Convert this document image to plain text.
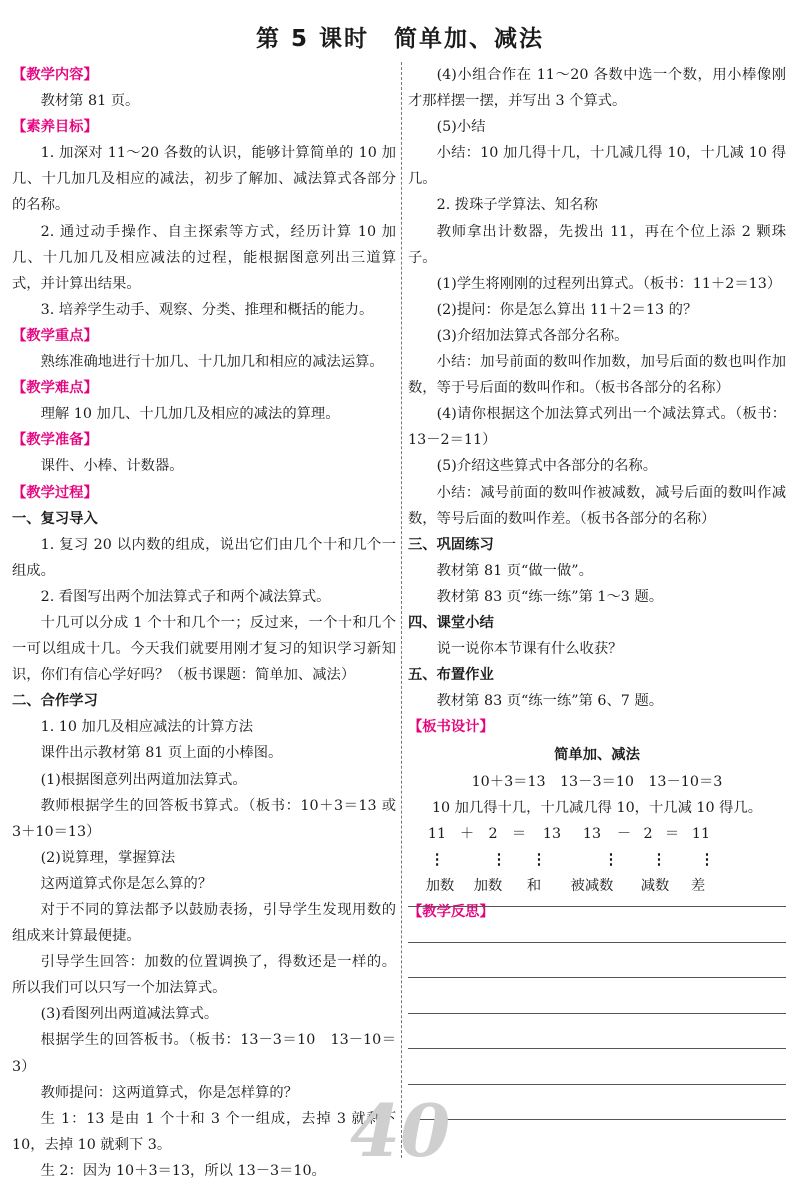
第 5 课时　简单加、减法

【教学内容】

教材第 81 页。

【素养目标】

1. 加深对 11～20 各数的认识，能够计算简单的 10 加几、十几加几及相应的减法，初步了解加、减法算式各部分的名称。

2. 通过动手操作、自主探索等方式，经历计算 10 加几、十几加几及相应减法的过程，能根据图意列出三道算式，并计算出结果。

3. 培养学生动手、观察、分类、推理和概括的能力。

【教学重点】

熟练准确地进行十加几、十几加几和相应的减法运算。

【教学难点】

理解 10 加几、十几加几及相应的减法的算理。

【教学准备】

课件、小棒、计数器。

【教学过程】

一、复习导入

1. 复习 20 以内数的组成，说出它们由几个十和几个一组成。

2. 看图写出两个加法算式子和两个减法算式。

十几可以分成 1 个十和几个一；反过来，一个十和几个一可以组成十几。今天我们就要用刚才复习的知识学习新知识，你们有信心学好吗？（板书课题：简单加、减法）

二、合作学习

1. 10 加几及相应减法的计算方法

课件出示教材第 81 页上面的小棒图。

(1)根据图意列出两道加法算式。

教师根据学生的回答板书算式。（板书：10＋3＝13 或 3＋10＝13）

(2)说算理，掌握算法

这两道算式你是怎么算的？

对于不同的算法都予以鼓励表扬，引导学生发现用数的组成来计算最便捷。

引导学生回答：加数的位置调换了，得数还是一样的。所以我们可以只写一个加法算式。

(3)看图列出两道减法算式。

根据学生的回答板书。（板书：13－3＝10　13－10＝3）

教师提问：这两道算式，你是怎样算的？

生 1：13 是由 1 个十和 3 个一组成，去掉 3 就剩下 10，去掉 10 就剩下 3。

生 2：因为 10＋3＝13，所以 13－3＝10。

(4)小组合作在 11～20 各数中选一个数，用小棒像刚才那样摆一摆，并写出 3 个算式。

(5)小结

小结：10 加几得十几，十几减几得 10，十几减 10 得几。

2. 拨珠子学算法、知名称

教师拿出计数器，先拨出 11，再在个位上添 2 颗珠子。

(1)学生将刚刚的过程列出算式。（板书：11＋2＝13）

(2)提问：你是怎么算出 11＋2＝13 的？

(3)介绍加法算式各部分名称。

小结：加号前面的数叫作加数，加号后面的数也叫作加数，等于号后面的数叫作和。（板书各部分的名称）

(4)请你根据这个加法算式列出一个减法算式。（板书：13－2＝11）

(5)介绍这些算式中各部分的名称。

小结：减号前面的数叫作被减数，减号后面的数叫作减数，等号后面的数叫作差。（板书各部分的名称）

三、巩固练习

教材第 81 页“做一做”。

教材第 83 页“练一练”第 1～3 题。

四、课堂小结

说一说你本节课有什么收获？

五、布置作业

教材第 83 页“练一练”第 6、7 题。

【板书设计】

简单加、减法

10＋3＝13　13－3＝10　13－10＝3

10 加几得十几，十几减几得 10，十几减 10 得几。

11 ＋ 2 ＝	13	13	－ 2 ＝ 11
⋮	⋮	⋮	⋮	⋮	⋮
加数	加数	和	被减数	减数	差

【教学反思】

40
